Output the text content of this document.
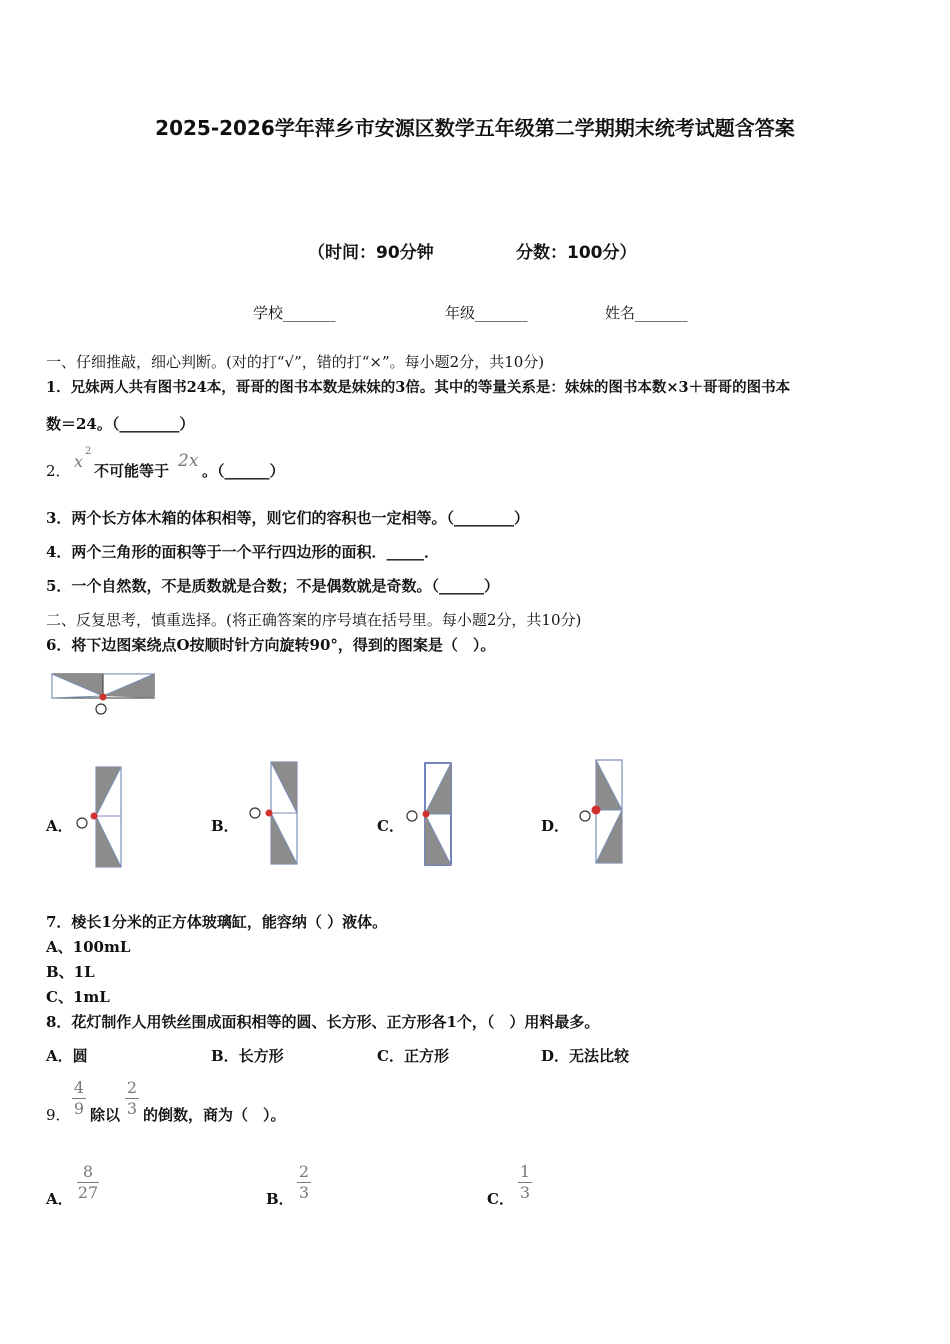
2025-2026学年萍乡市安源区数学五年级第二学期期末统考试题含答案
（时间：90分钟	分数：100分）
学校_______	年级_______	姓名_______
一、仔细推敲，细心判断。(对的打“√”，错的打“×”。每小题2分，共10分)
1．兄妹两人共有图书24本，哥哥的图书本数是妹妹的3倍。其中的等量关系是：妹妹的图书本数×3＋哥哥的图书本
数＝24。（________）
2． x
2
不可能等于 2x 。（______）
3．两个长方体木箱的体积相等，则它们的容积也一定相等。（________）
4．两个三角形的面积等于一个平行四边形的面积．_____．
5．一个自然数，不是质数就是合数；不是偶数就是奇数。（______）
二、反复思考，慎重选择。(将正确答案的序号填在括号里。每小题2分，共10分)
6．将下边图案绕点O按顺时针方向旋转90°，得到的图案是（　）。
A．	B．	C．	D．
7．棱长1分米的正方体玻璃缸，能容纳（ ）液体。
A、100mL
B、1L
C、1mL
8．花灯制作人用铁丝围成面积相等的圆、长方形、正方形各1个，（　）用料最多。
A．圆	B．长方形	C．正方形	D．无法比较
9．
4
9 除以
2
3 的倒数，商为（　）。
A．
8
27	B．
2
3	C．
1
3
